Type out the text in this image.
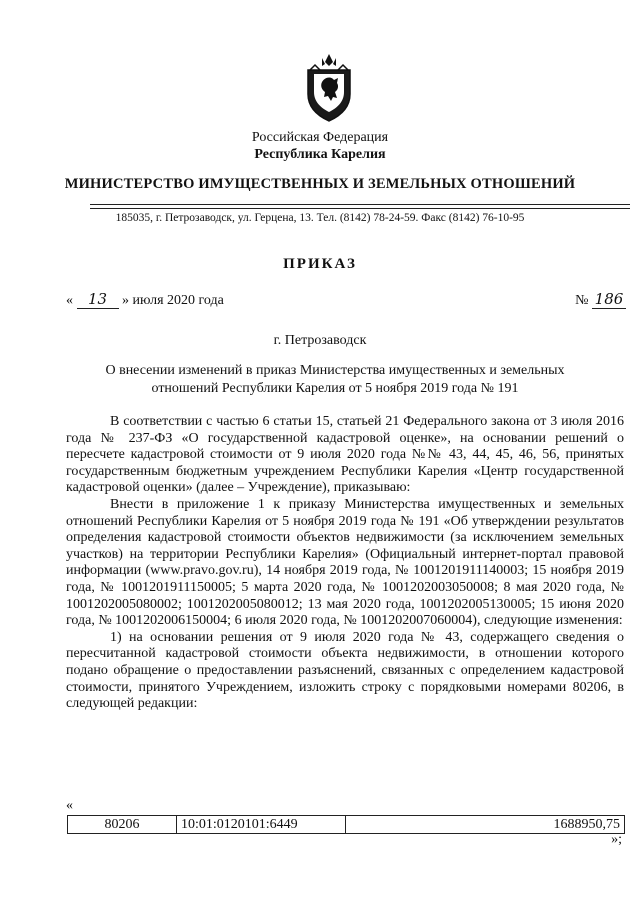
Российская Федерация
Республика Карелия
МИНИСТЕРСТВО ИМУЩЕСТВЕННЫХ И ЗЕМЕЛЬНЫХ ОТНОШЕНИЙ
185035, г. Петрозаводск, ул. Герцена, 13. Тел. (8142) 78-24-59. Факс (8142) 76-10-95
ПРИКАЗ
« 13 » июля 2020 года	№ 186
г. Петрозаводск
О внесении изменений в приказ Министерства имущественных и земельных отношений Республики Карелия от 5 ноября 2019 года № 191

В соответствии с частью 6 статьи 15, статьей 21 Федерального закона от 3 июля 2016 года № 237-ФЗ «О государственной кадастровой оценке», на основании решений о пересчете кадастровой стоимости от 9 июля 2020 года №№ 43, 44, 45, 46, 56, принятых государственным бюджетным учреждением Республики Карелия «Центр государственной кадастровой оценки» (далее – Учреждение), приказываю:

Внести в приложение 1 к приказу Министерства имущественных и земельных отношений Республики Карелия от 5 ноября 2019 года № 191 «Об утверждении результатов определения кадастровой стоимости объектов недвижимости (за исключением земельных участков) на территории Республики Карелия» (Официальный интернет-портал правовой информации (www.pravo.gov.ru), 14 ноября 2019 года, № 1001201911140003; 15 ноября 2019 года, № 1001201911150005; 5 марта 2020 года, № 1001202003050008; 8 мая 2020 года, № 1001202005080002; 1001202005080012; 13 мая 2020 года, 1001202005130005; 15 июня 2020 года, № 1001202006150004; 6 июля 2020 года, № 1001202007060004), следующие изменения:

1) на основании решения от 9 июля 2020 года № 43, содержащего сведения о пересчитанной кадастровой стоимости объекта недвижимости, в отношении которого подано обращение о предоставлении разъяснений, связанных с определением кадастровой стоимости, принятого Учреждением, изложить строку с порядковыми номерами 80206, в следующей редакции:

«
80206	10:01:0120101:6449	1688950,75
»;
